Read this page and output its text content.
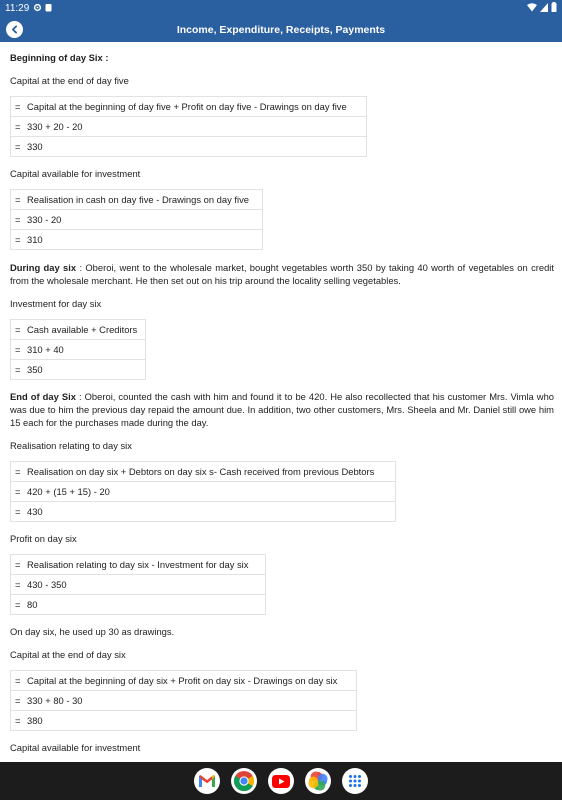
11:29
Income, Expenditure, Receipts, Payments
Beginning of day Six :
Capital at the end of day five
= Capital at the beginning of day five + Profit on day five - Drawings on day five
= 330 + 20 - 20
= 330
Capital available for investment
= Realisation in cash on day five - Drawings on day five
= 330 - 20
= 310
During day six : Oberoi, went to the wholesale market, bought vegetables worth 350 by taking 40 worth of vegetables on credit from the wholesale merchant. He then set out on his trip around the locality selling vegetables.
Investment for day six
= Cash available + Creditors
= 310 + 40
= 350
End of day Six : Oberoi, counted the cash with him and found it to be 420. He also recollected that his customer Mrs. Vimla who was due to him the previous day repaid the amount due. In addition, two other customers, Mrs. Sheela and Mr. Daniel still owe him 15 each for the purchases made during the day.
Realisation relating to day six
= Realisation on day six + Debtors on day six s- Cash received from previous Debtors
= 420 + (15 + 15) - 20
= 430
Profit on day six
= Realisation relating to day six - Investment for day six
= 430 - 350
= 80
On day six, he used up 30 as drawings.
Capital at the end of day six
= Capital at the beginning of day six + Profit on day six - Drawings on day six
= 330 + 80 - 30
= 380
Capital available for investment
